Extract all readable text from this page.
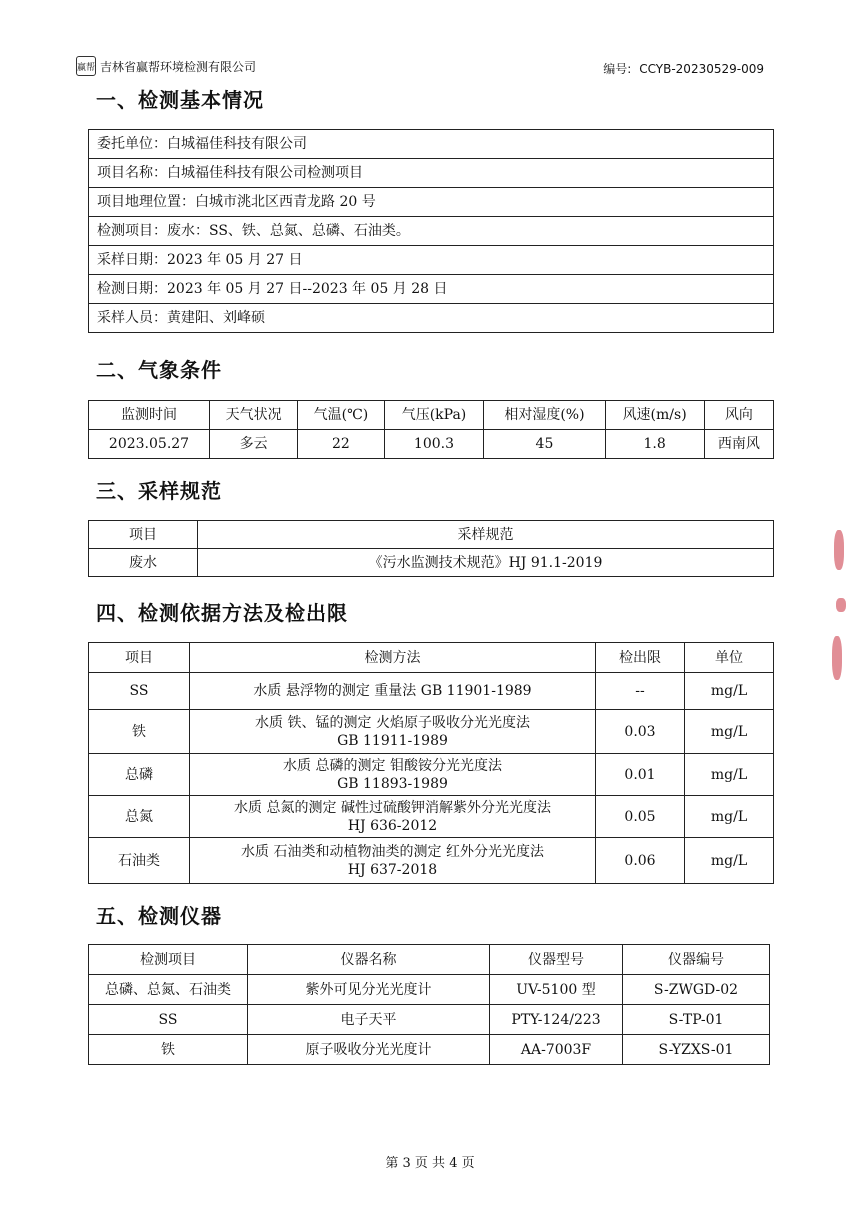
赢帮 吉林省赢帮环境检测有限公司	编号: CCYB-20230529-009
一、检测基本情况
委托单位：白城福佳科技有限公司
项目名称：白城福佳科技有限公司检测项目
项目地理位置：白城市洮北区西青龙路 20 号
检测项目：废水：SS、铁、总氮、总磷、石油类。
采样日期：2023 年 05 月 27 日
检测日期：2023 年 05 月 27 日--2023 年 05 月 28 日
采样人员：黄建阳、刘峰硕
二、气象条件
监测时间	天气状况	气温(℃)	气压(kPa)	相对湿度(%)	风速(m/s)	风向
2023.05.27	多云	22	100.3	45	1.8	西南风
三、采样规范
项目	采样规范
废水	《污水监测技术规范》HJ 91.1-2019
四、检测依据方法及检出限
项目	检测方法	检出限	单位
SS	水质 悬浮物的测定 重量法 GB 11901-1989	--	mg/L
铁	水质 铁、锰的测定 火焰原子吸收分光光度法
GB 11911-1989	0.03	mg/L
总磷	水质 总磷的测定 钼酸铵分光光度法
GB 11893-1989	0.01	mg/L
总氮	水质 总氮的测定 碱性过硫酸钾消解紫外分光光度法
HJ 636-2012	0.05	mg/L
石油类	水质 石油类和动植物油类的测定 红外分光光度法
HJ 637-2018	0.06	mg/L
五、检测仪器
检测项目	仪器名称	仪器型号	仪器编号
总磷、总氮、石油类	紫外可见分光光度计	UV-5100 型	S-ZWGD-02
SS	电子天平	PTY-124/223	S-TP-01
铁	原子吸收分光光度计	AA-7003F	S-YZXS-01
第 3 页 共 4 页
